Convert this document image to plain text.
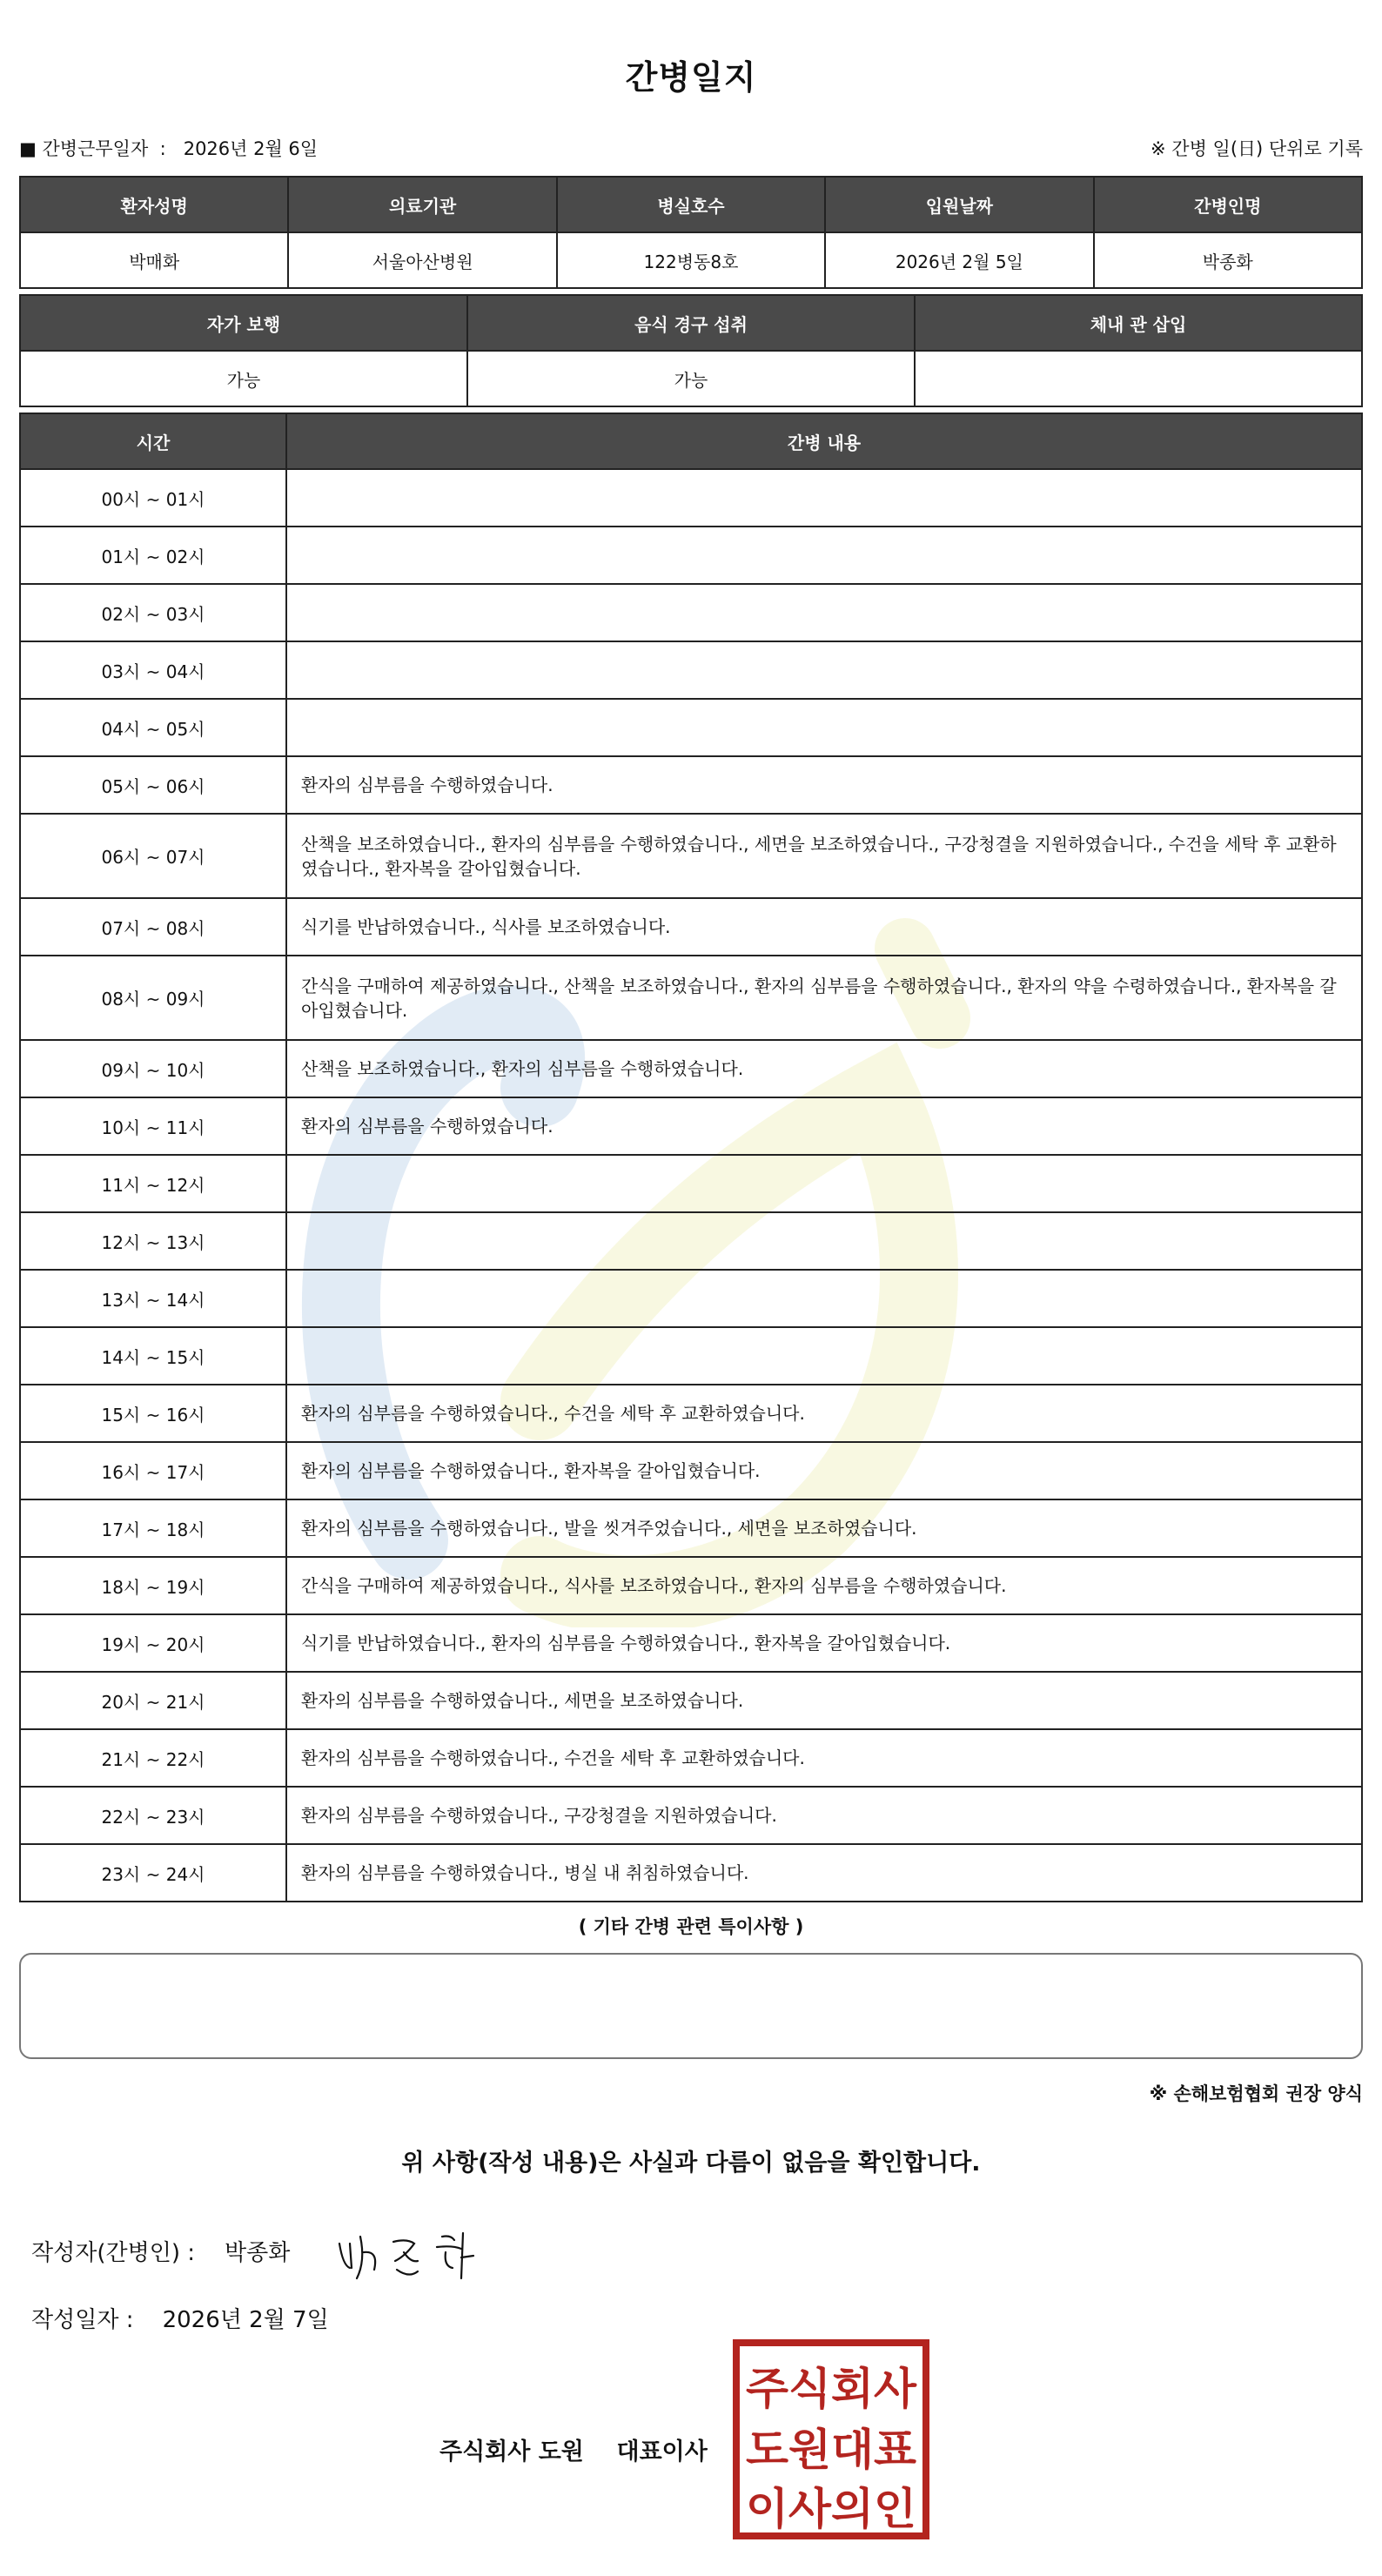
간병일지
■ 간병근무일자 : 2026년 2월 6일	※ 간병 일(日) 단위로 기록
환자성명	의료기관	병실호수	입원날짜	간병인명
박매화	서울아산병원	122병동8호	2026년 2월 5일	박종화
자가 보행	음식 경구 섭취	체내 관 삽입
가능	가능	
시간	간병 내용
00시 ~ 01시	
01시 ~ 02시	
02시 ~ 03시	
03시 ~ 04시	
04시 ~ 05시	
05시 ~ 06시	환자의 심부름을 수행하였습니다.
06시 ~ 07시	산책을 보조하였습니다., 환자의 심부름을 수행하였습니다., 세면을 보조하였습니다., 구강청결을 지원하였습니다., 수건을 세탁 후 교환하였습니다., 환자복을 갈아입혔습니다.
07시 ~ 08시	식기를 반납하였습니다., 식사를 보조하였습니다.
08시 ~ 09시	간식을 구매하여 제공하였습니다., 산책을 보조하였습니다., 환자의 심부름을 수행하였습니다., 환자의 약을 수령하였습니다., 환자복을 갈아입혔습니다.
09시 ~ 10시	산책을 보조하였습니다., 환자의 심부름을 수행하였습니다.
10시 ~ 11시	환자의 심부름을 수행하였습니다.
11시 ~ 12시	
12시 ~ 13시	
13시 ~ 14시	
14시 ~ 15시	
15시 ~ 16시	환자의 심부름을 수행하였습니다., 수건을 세탁 후 교환하였습니다.
16시 ~ 17시	환자의 심부름을 수행하였습니다., 환자복을 갈아입혔습니다.
17시 ~ 18시	환자의 심부름을 수행하였습니다., 발을 씻겨주었습니다., 세면을 보조하였습니다.
18시 ~ 19시	간식을 구매하여 제공하였습니다., 식사를 보조하였습니다., 환자의 심부름을 수행하였습니다.
19시 ~ 20시	식기를 반납하였습니다., 환자의 심부름을 수행하였습니다., 환자복을 갈아입혔습니다.
20시 ~ 21시	환자의 심부름을 수행하였습니다., 세면을 보조하였습니다.
21시 ~ 22시	환자의 심부름을 수행하였습니다., 수건을 세탁 후 교환하였습니다.
22시 ~ 23시	환자의 심부름을 수행하였습니다., 구강청결을 지원하였습니다.
23시 ~ 24시	환자의 심부름을 수행하였습니다., 병실 내 취침하였습니다.
( 기타 간병 관련 특이사항 )
※ 손해보험협회 권장 양식
위 사항(작성 내용)은 사실과 다름이 없음을 확인합니다.
작성자(간병인) : 박종화
작성일자 : 2026년 2월 7일
주식회사 도원    대표이사
주식회사
도원대표
이사의인
